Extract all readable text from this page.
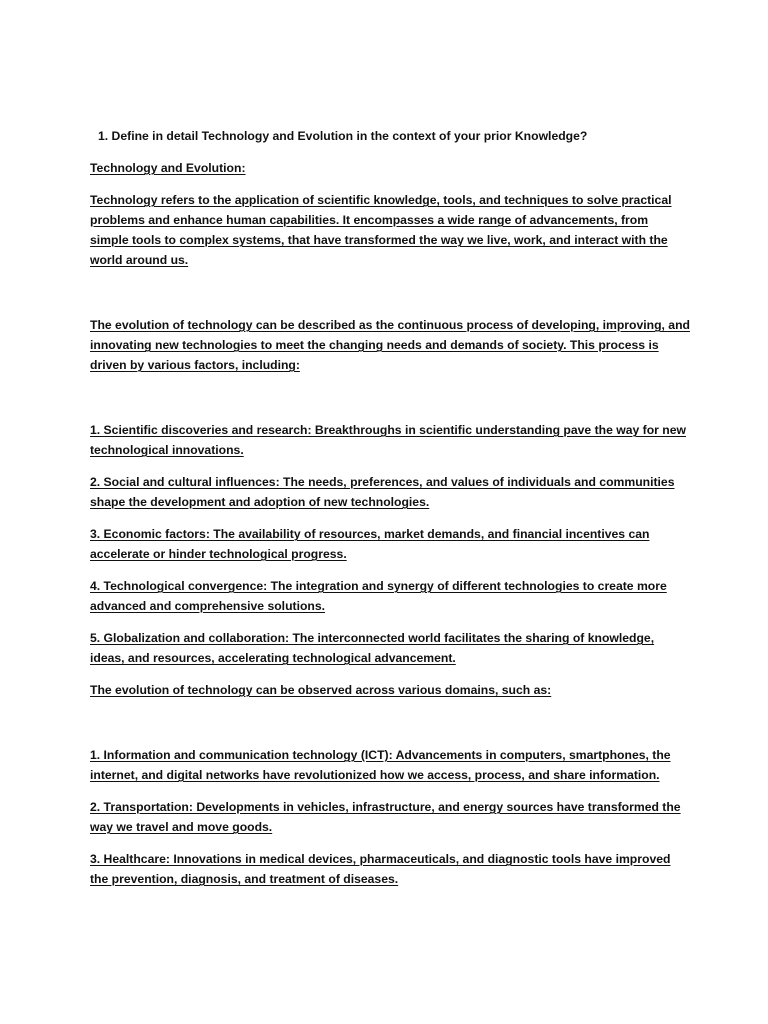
1. Define in detail Technology and Evolution in the context of your prior Knowledge?

Technology and Evolution:

Technology refers to the application of scientific knowledge, tools, and techniques to solve practical problems and enhance human capabilities. It encompasses a wide range of advancements, from simple tools to complex systems, that have transformed the way we live, work, and interact with the world around us.

The evolution of technology can be described as the continuous process of developing, improving, and innovating new technologies to meet the changing needs and demands of society. This process is driven by various factors, including:

1. Scientific discoveries and research: Breakthroughs in scientific understanding pave the way for new technological innovations.

2. Social and cultural influences: The needs, preferences, and values of individuals and communities shape the development and adoption of new technologies.

3. Economic factors: The availability of resources, market demands, and financial incentives can accelerate or hinder technological progress.

4. Technological convergence: The integration and synergy of different technologies to create more advanced and comprehensive solutions.

5. Globalization and collaboration: The interconnected world facilitates the sharing of knowledge, ideas, and resources, accelerating technological advancement.

The evolution of technology can be observed across various domains, such as:

1. Information and communication technology (ICT): Advancements in computers, smartphones, the internet, and digital networks have revolutionized how we access, process, and share information.

2. Transportation: Developments in vehicles, infrastructure, and energy sources have transformed the way we travel and move goods.

3. Healthcare: Innovations in medical devices, pharmaceuticals, and diagnostic tools have improved the prevention, diagnosis, and treatment of diseases.
